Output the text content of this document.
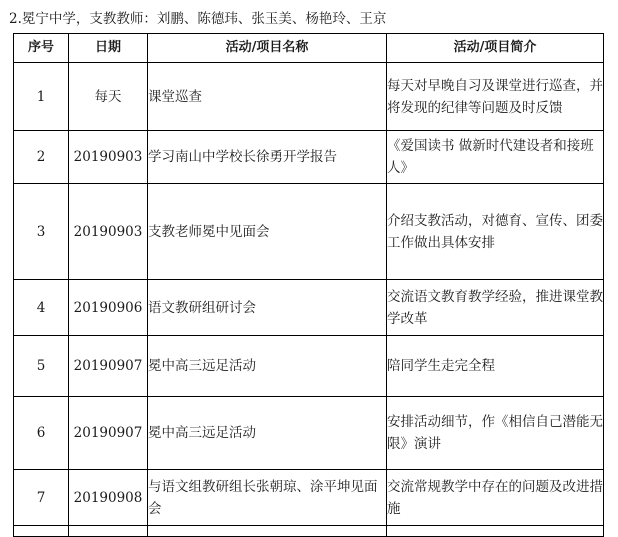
2.冕宁中学，支教教师：刘鹏、陈德玮、张玉美、杨艳玲、王京
序号	日期	活动/项目名称	活动/项目简介
1	每天	课堂巡查	每天对早晚自习及课堂进行巡查，并将发现的纪律等问题及时反馈
2	20190903	学习南山中学校长徐勇开学报告	《爱国读书 做新时代建设者和接班人》
3	20190903	支教老师冕中见面会	介绍支教活动，对德育、宣传、团委工作做出具体安排
4	20190906	语文教研组研讨会	交流语文教育教学经验，推进课堂教学改革
5	20190907	冕中高三远足活动	陪同学生走完全程
6	20190907	冕中高三远足活动	安排活动细节，作《相信自己潜能无限》演讲
7	20190908	与语文组教研组长张朝琼、涂平坤见面会	交流常规教学中存在的问题及改进措施
